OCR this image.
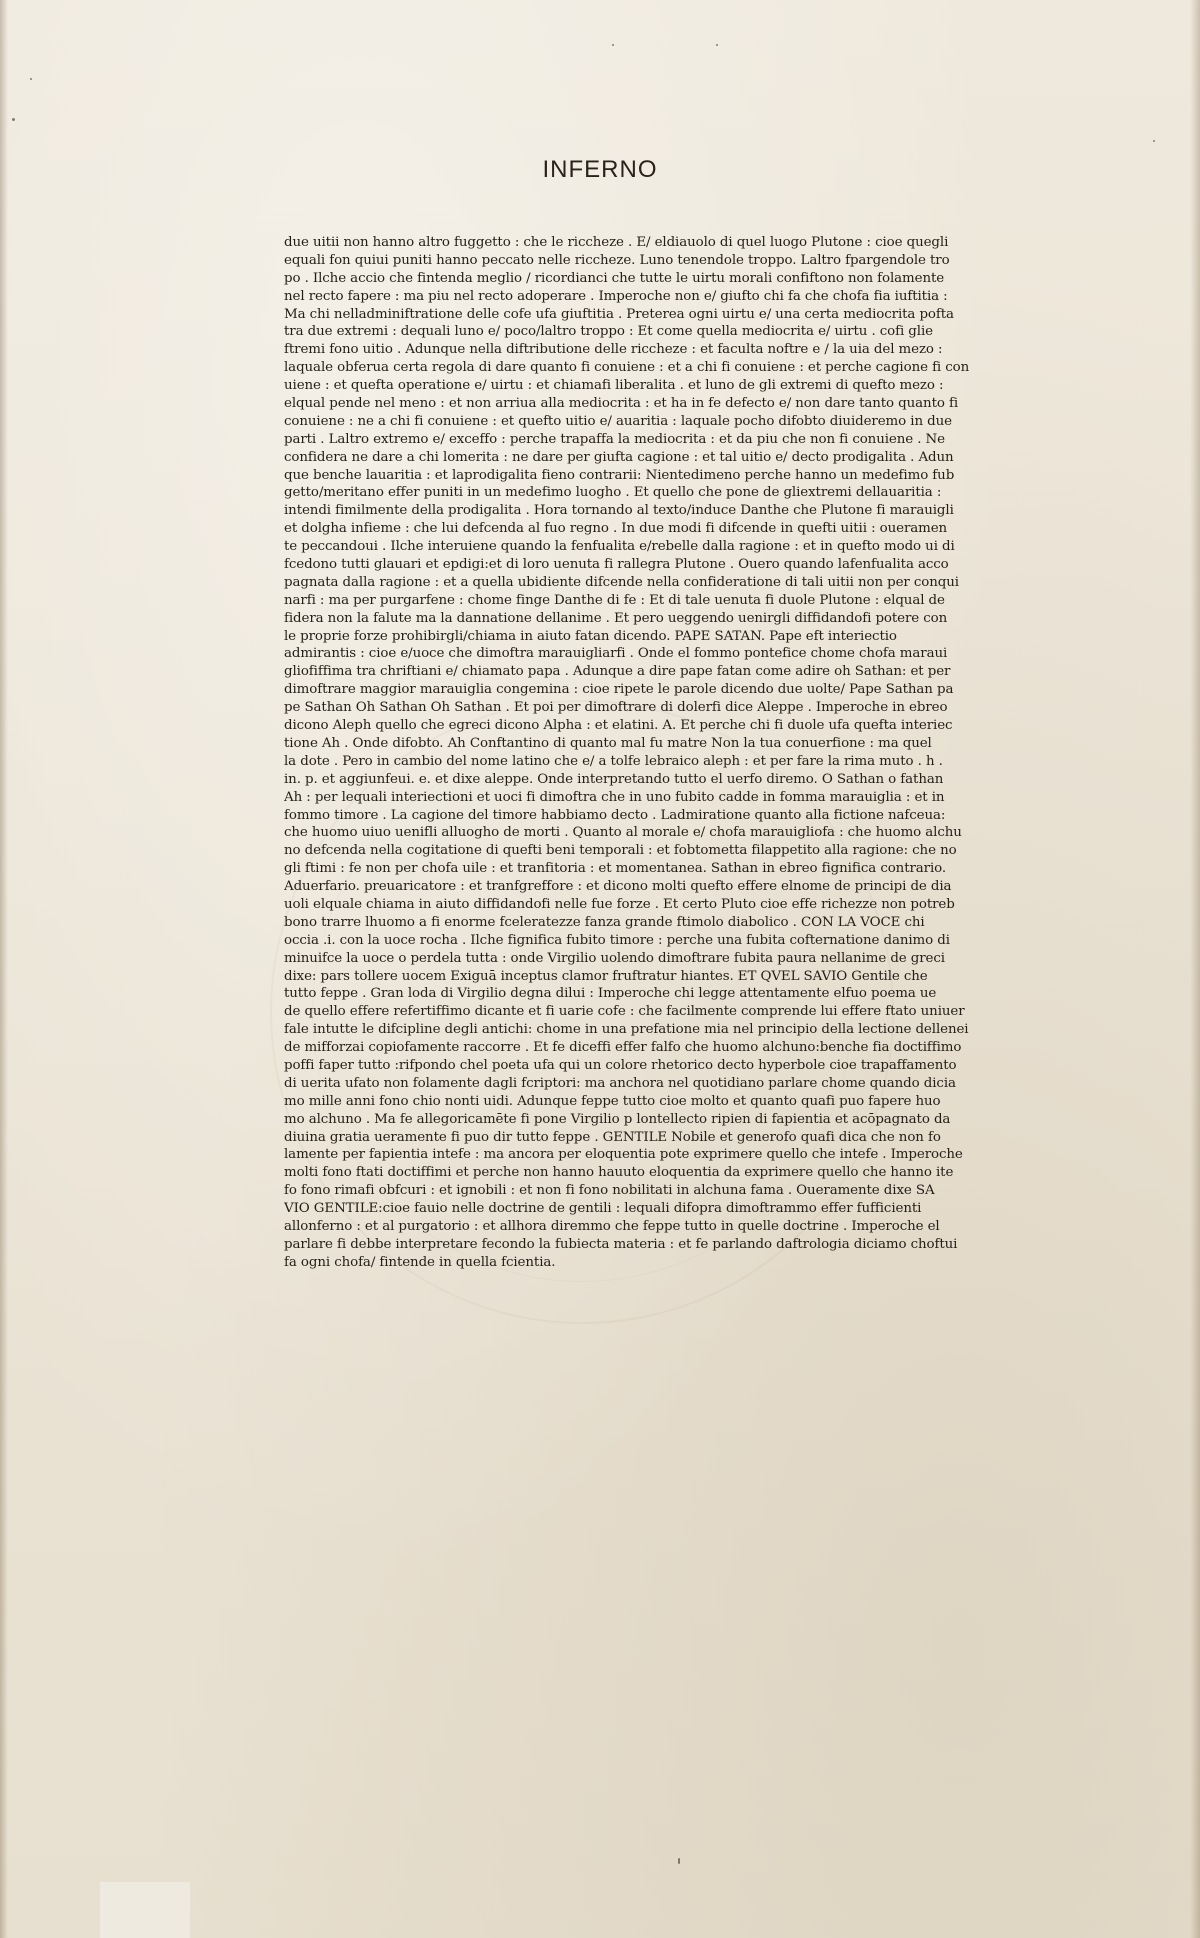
INFERNO
due uitii non hanno altro fuggetto : che le riccheze . E/ eldiauolo di quel luogo Plutone : cioe quegli
equali fon quiui puniti hanno peccato nelle riccheze. Luno tenendole troppo. Laltro fpargendole tro
po . Ilche accio che fintenda meglio / ricordianci che tutte le uirtu morali confiftono non folamente
nel recto fapere : ma piu nel recto adoperare . Imperoche non e/ giufto chi fa che chofa fia iuftitia :
Ma chi nelladminiftratione delle cofe ufa giuftitia . Preterea ogni uirtu e/ una certa mediocrita pofta
tra due extremi : dequali luno e/ poco/laltro troppo : Et come quella mediocrita e/ uirtu . cofi glie
ftremi fono uitio . Adunque nella diftributione delle riccheze : et faculta noftre e / la uia del mezo :
laquale obferua certa regola di dare quanto fi conuiene : et a chi fi conuiene : et perche cagione fi con
uiene : et quefta operatione e/ uirtu : et chiamafi liberalita . et luno de gli extremi di quefto mezo :
elqual pende nel meno : et non arriua alla mediocrita : et ha in fe defecto e/ non dare tanto quanto fi
conuiene : ne a chi fi conuiene : et quefto uitio e/ auaritia : laquale pocho difobto diuideremo in due
parti . Laltro extremo e/ exceffo : perche trapaffa la mediocrita : et da piu che non fi conuiene . Ne
confidera ne dare a chi lomerita : ne dare per giufta cagione : et tal uitio e/ decto prodigalita . Adun
que benche lauaritia : et laprodigalita fieno contrarii: Nientedimeno perche hanno un medefimo fub
getto/meritano effer puniti in un medefimo luogho . Et quello che pone de gliextremi dellauaritia :
intendi fimilmente della prodigalita . Hora tornando al texto/induce Danthe che Plutone fi marauigli
et dolgha infieme : che lui defcenda al fuo regno . In due modi fi difcende in quefti uitii : oueramen
te peccandoui . Ilche interuiene quando la fenfualita e/rebelle dalla ragione : et in quefto modo ui di
fcedono tutti glauari et epdigi:et di loro uenuta fi rallegra Plutone . Ouero quando lafenfualita acco
pagnata dalla ragione : et a quella ubidiente difcende nella confideratione di tali uitii non per conqui
narfi : ma per purgarfene : chome finge Danthe di fe : Et di tale uenuta fi duole Plutone : elqual de
fidera non la falute ma la dannatione dellanime . Et pero ueggendo uenirgli diffidandofi potere con
le proprie forze prohibirgli/chiama in aiuto fatan dicendo. PAPE SATAN. Pape eft interiectio
admirantis : cioe e/uoce che dimoftra marauigliarfi . Onde el fommo pontefice chome chofa maraui
gliofiffima tra chriftiani e/ chiamato papa . Adunque a dire pape fatan come adire oh Sathan: et per
dimoftrare maggior marauiglia congemina : cioe ripete le parole dicendo due uolte/ Pape Sathan pa
pe Sathan Oh Sathan Oh Sathan . Et poi per dimoftrare di dolerfi dice Aleppe . Imperoche in ebreo
dicono Aleph quello che egreci dicono Alpha : et elatini. A. Et perche chi fi duole ufa quefta interiec
tione Ah . Onde difobto. Ah Conftantino di quanto mal fu matre Non la tua conuerfione : ma quel
la dote . Pero in cambio del nome latino che e/ a tolfe lebraico aleph : et per fare la rima muto . h .
in. p. et aggiunfeui. e. et dixe aleppe. Onde interpretando tutto el uerfo diremo. O Sathan o fathan
Ah : per lequali interiectioni et uoci fi dimoftra che in uno fubito cadde in fomma marauiglia : et in
fommo timore . La cagione del timore habbiamo decto . Ladmiratione quanto alla fictione nafceua:
che huomo uiuo uenifli alluogho de morti . Quanto al morale e/ chofa marauigliofa : che huomo alchu
no defcenda nella cogitatione di quefti beni temporali : et fobtometta filappetito alla ragione: che no
gli ftimi : fe non per chofa uile : et tranfitoria : et momentanea. Sathan in ebreo fignifica contrario.
Aduerfario. preuaricatore : et tranfgreffore : et dicono molti quefto effere elnome de principi de dia
uoli elquale chiama in aiuto diffidandofi nelle fue forze . Et certo Pluto cioe effe richezze non potreb
bono trarre lhuomo a fi enorme fceleratezze fanza grande ftimolo diabolico . CON LA VOCE chi
occia .i. con la uoce rocha . Ilche fignifica fubito timore : perche una fubita cofternatione danimo di
minuifce la uoce o perdela tutta : onde Virgilio uolendo dimoftrare fubita paura nellanime de greci
dixe: pars tollere uocem Exiguā inceptus clamor fruftratur hiantes. ET QVEL SAVIO Gentile che
tutto feppe . Gran loda di Virgilio degna dilui : Imperoche chi legge attentamente elfuo poema ue
de quello effere refertiffimo dicante et fi uarie cofe : che facilmente comprende lui effere ftato uniuer
fale intutte le difcipline degli antichi: chome in una prefatione mia nel principio della lectione dellenei
de mifforzai copiofamente raccorre . Et fe diceffi effer falfo che huomo alchuno:benche fia doctiffimo
poffi faper tutto :rifpondo chel poeta ufa qui un colore rhetorico decto hyperbole cioe trapaffamento
di uerita ufato non folamente dagli fcriptori: ma anchora nel quotidiano parlare chome quando dicia
mo mille anni fono chio nonti uidi. Adunque feppe tutto cioe molto et quanto quafi puo fapere huo
mo alchuno . Ma fe allegoricamēte fi pone Virgilio p lontellecto ripien di fapientia et acōpagnato da
diuina gratia ueramente fi puo dir tutto feppe . GENTILE Nobile et generofo quafi dica che non fo
lamente per fapientia intefe : ma ancora per eloquentia pote exprimere quello che intefe . Imperoche
molti fono ftati doctiffimi et perche non hanno hauuto eloquentia da exprimere quello che hanno ite
fo fono rimafi obfcuri : et ignobili : et non fi fono nobilitati in alchuna fama . Oueramente dixe SA
VIO GENTILE:cioe fauio nelle doctrine de gentili : lequali difopra dimoftrammo effer fufficienti
allonferno : et al purgatorio : et allhora diremmo che feppe tutto in quelle doctrine . Imperoche el
parlare fi debbe interpretare fecondo la fubiecta materia : et fe parlando daftrologia diciamo choftui
fa ogni chofa/ fintende in quella fcientia.
